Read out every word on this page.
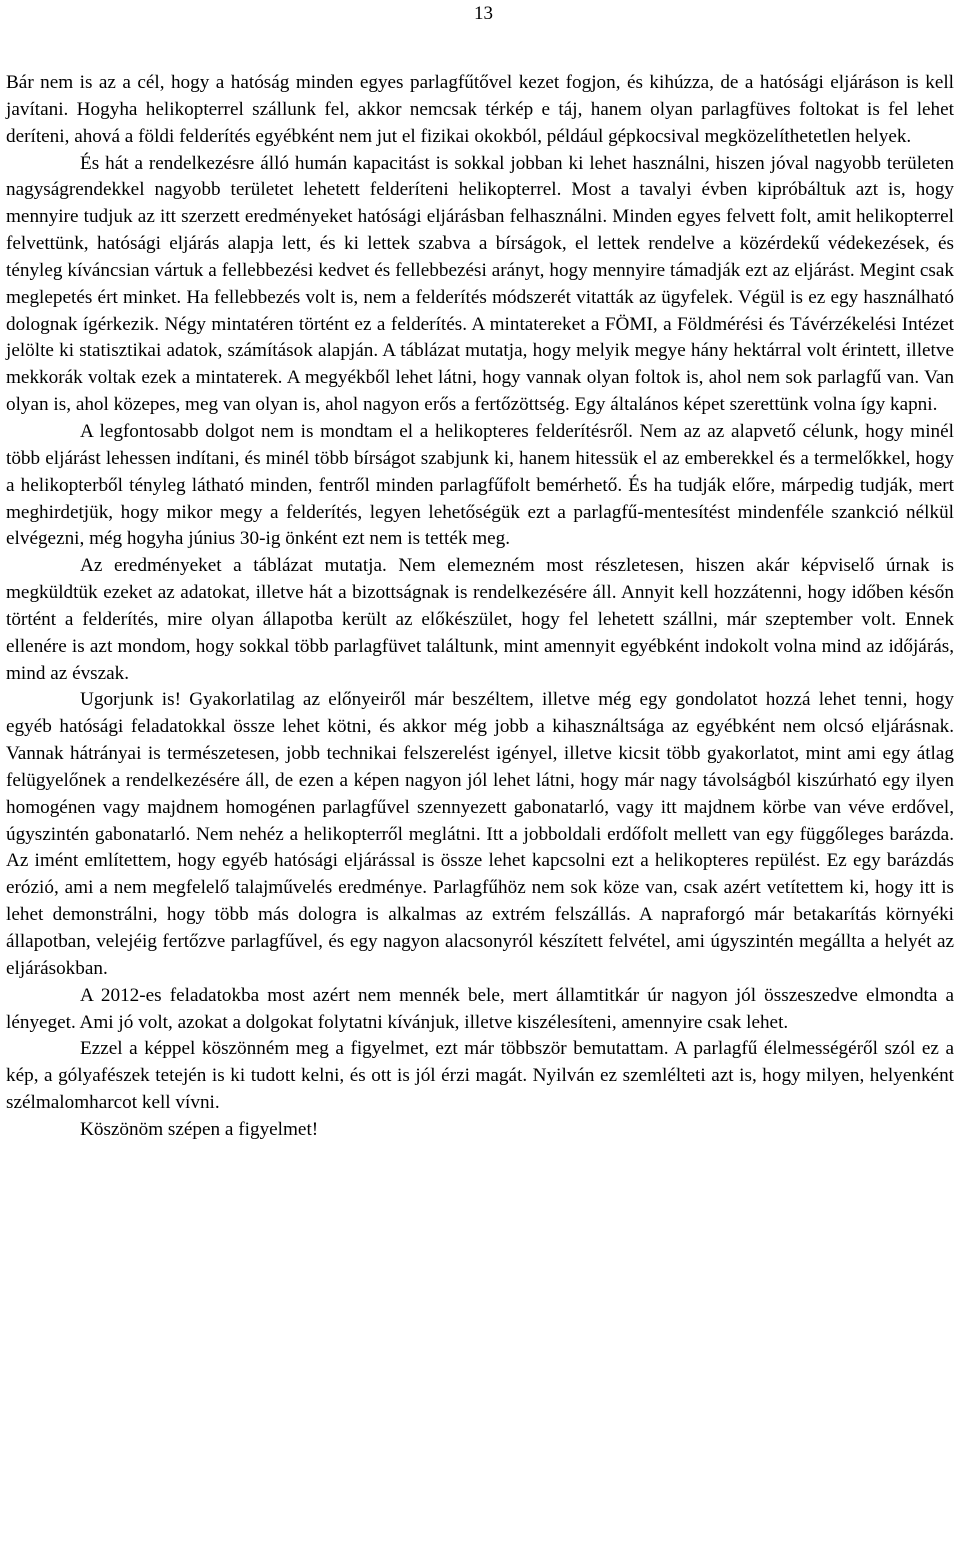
13

Bár nem is az a cél, hogy a hatóság minden egyes parlagfűtővel kezet fogjon, és kihúzza, de a hatósági eljáráson is kell javítani. Hogyha helikopterrel szállunk fel, akkor nemcsak térkép e táj, hanem olyan parlagfüves foltokat is fel lehet deríteni, ahová a földi felderítés egyébként nem jut el fizikai okokból, például gépkocsival megközelíthetetlen helyek.

És hát a rendelkezésre álló humán kapacitást is sokkal jobban ki lehet használni, hiszen jóval nagyobb területen nagyságrendekkel nagyobb területet lehetett felderíteni helikopterrel. Most a tavalyi évben kipróbáltuk azt is, hogy mennyire tudjuk az itt szerzett eredményeket hatósági eljárásban felhasználni. Minden egyes felvett folt, amit helikopterrel felvettünk, hatósági eljárás alapja lett, és ki lettek szabva a bírságok, el lettek rendelve a közérdekű védekezések, és tényleg kíváncsian vártuk a fellebbezési kedvet és fellebbezési arányt, hogy mennyire támadják ezt az eljárást. Megint csak meglepetés ért minket. Ha fellebbezés volt is, nem a felderítés módszerét vitatták az ügyfelek. Végül is ez egy használható dolognak ígérkezik. Négy mintatéren történt ez a felderítés. A mintatereket a FÖMI, a Földmérési és Távérzékelési Intézet jelölte ki statisztikai adatok, számítások alapján. A táblázat mutatja, hogy melyik megye hány hektárral volt érintett, illetve mekkorák voltak ezek a mintaterek. A megyékből lehet látni, hogy vannak olyan foltok is, ahol nem sok parlagfű van. Van olyan is, ahol közepes, meg van olyan is, ahol nagyon erős a fertőzöttség. Egy általános képet szerettünk volna így kapni.

A legfontosabb dolgot nem is mondtam el a helikopteres felderítésről. Nem az az alapvető célunk, hogy minél több eljárást lehessen indítani, és minél több bírságot szabjunk ki, hanem hitessük el az emberekkel és a termelőkkel, hogy a helikopterből tényleg látható minden, fentről minden parlagfűfolt bemérhető. És ha tudják előre, márpedig tudják, mert meghirdetjük, hogy mikor megy a felderítés, legyen lehetőségük ezt a parlagfű-mentesítést mindenféle szankció nélkül elvégezni, még hogyha június 30-ig önként ezt nem is tették meg.

Az eredményeket a táblázat mutatja. Nem elemezném most részletesen, hiszen akár képviselő úrnak is megküldtük ezeket az adatokat, illetve hát a bizottságnak is rendelkezésére áll. Annyit kell hozzátenni, hogy időben későn történt a felderítés, mire olyan állapotba került az előkészület, hogy fel lehetett szállni, már szeptember volt. Ennek ellenére is azt mondom, hogy sokkal több parlagfüvet találtunk, mint amennyit egyébként indokolt volna mind az időjárás, mind az évszak.

Ugorjunk is! Gyakorlatilag az előnyeiről már beszéltem, illetve még egy gondolatot hozzá lehet tenni, hogy egyéb hatósági feladatokkal össze lehet kötni, és akkor még jobb a kihasználtsága az egyébként nem olcsó eljárásnak. Vannak hátrányai is természetesen, jobb technikai felszerelést igényel, illetve kicsit több gyakorlatot, mint ami egy átlag felügyelőnek a rendelkezésére áll, de ezen a képen nagyon jól lehet látni, hogy már nagy távolságból kiszúrható egy ilyen homogénen vagy majdnem homogénen parlagfűvel szennyezett gabonatarló, vagy itt majdnem körbe van véve erdővel, úgyszintén gabonatarló. Nem nehéz a helikopterről meglátni. Itt a jobboldali erdőfolt mellett van egy függőleges barázda. Az imént említettem, hogy egyéb hatósági eljárással is össze lehet kapcsolni ezt a helikopteres repülést. Ez egy barázdás erózió, ami a nem megfelelő talajművelés eredménye. Parlagfűhöz nem sok köze van, csak azért vetítettem ki, hogy itt is lehet demonstrálni, hogy több más dologra is alkalmas az extrém felszállás. A napraforgó már betakarítás környéki állapotban, velejéig fertőzve parlagfűvel, és egy nagyon alacsonyról készített felvétel, ami úgyszintén megállta a helyét az eljárásokban.

A 2012-es feladatokba most azért nem mennék bele, mert államtitkár úr nagyon jól összeszedve elmondta a lényeget. Ami jó volt, azokat a dolgokat folytatni kívánjuk, illetve kiszélesíteni, amennyire csak lehet.

Ezzel a képpel köszönném meg a figyelmet, ezt már többször bemutattam. A parlagfű élelmességéről szól ez a kép, a gólyafészek tetején is ki tudott kelni, és ott is jól érzi magát. Nyilván ez szemlélteti azt is, hogy milyen, helyenként szélmalomharcot kell vívni.

Köszönöm szépen a figyelmet!
